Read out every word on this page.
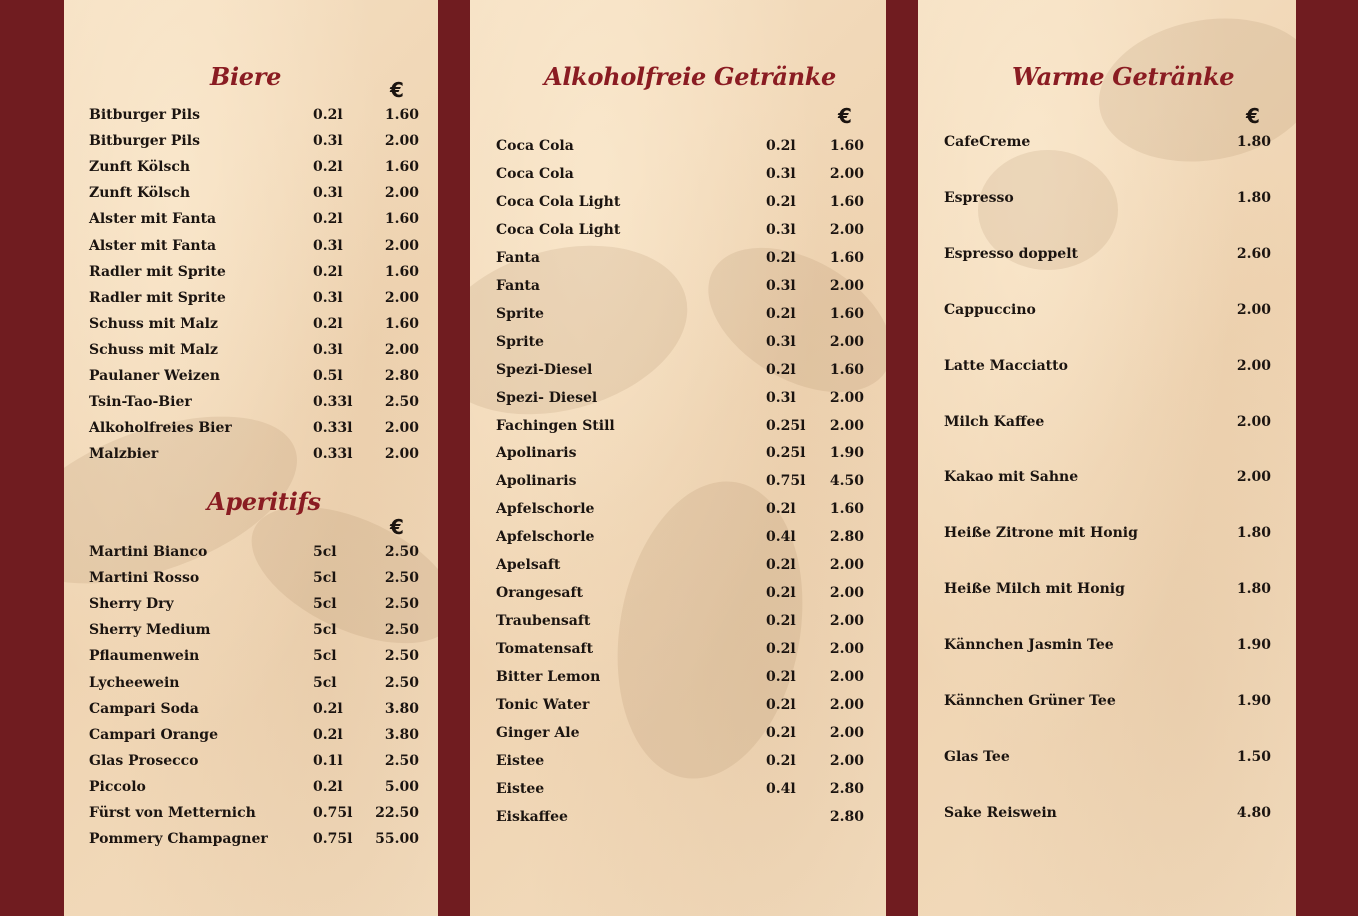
Biere	€
Bitburger Pils	0.2l	1.60
Bitburger Pils	0.3l	2.00
Zunft Kölsch	0.2l	1.60
Zunft Kölsch	0.3l	2.00
Alster mit Fanta	0.2l	1.60
Alster mit Fanta	0.3l	2.00
Radler mit Sprite	0.2l	1.60
Radler mit Sprite	0.3l	2.00
Schuss mit Malz	0.2l	1.60
Schuss mit Malz	0.3l	2.00
Paulaner Weizen	0.5l	2.80
Tsin-Tao-Bier	0.33l	2.50
Alkoholfreies Bier	0.33l	2.00
Malzbier	0.33l	2.00
Aperitifs
€
Martini Bianco	5cl	2.50
Martini Rosso	5cl	2.50
Sherry Dry	5cl	2.50
Sherry Medium	5cl	2.50
Pflaumenwein	5cl	2.50
Lycheewein	5cl	2.50
Campari Soda	0.2l	3.80
Campari Orange	0.2l	3.80
Glas Prosecco	0.1l	2.50
Piccolo	0.2l	5.00
Fürst von Metternich	0.75l	22.50
Pommery Champagner	0.75l	55.00
Alkoholfreie Getränke
€
Coca Cola	0.2l	1.60
Coca Cola	0.3l	2.00
Coca Cola Light	0.2l	1.60
Coca Cola Light	0.3l	2.00
Fanta	0.2l	1.60
Fanta	0.3l	2.00
Sprite	0.2l	1.60
Sprite	0.3l	2.00
Spezi-Diesel	0.2l	1.60
Spezi- Diesel	0.3l	2.00
Fachingen Still	0.25l	2.00
Apolinaris	0.25l	1.90
Apolinaris	0.75l	4.50
Apfelschorle	0.2l	1.60
Apfelschorle	0.4l	2.80
Apelsaft	0.2l	2.00
Orangesaft	0.2l	2.00
Traubensaft	0.2l	2.00
Tomatensaft	0.2l	2.00
Bitter Lemon	0.2l	2.00
Tonic Water	0.2l	2.00
Ginger Ale	0.2l	2.00
Eistee	0.2l	2.00
Eistee	0.4l	2.80
Eiskaffee	2.80
Warme Getränke
€
CafeCreme	1.80
Espresso	1.80
Espresso doppelt	2.60
Cappuccino	2.00
Latte Macciatto	2.00
Milch Kaffee	2.00
Kakao mit Sahne	2.00
Heiße Zitrone mit Honig	1.80
Heiße Milch mit Honig	1.80
Kännchen Jasmin Tee	1.90
Kännchen Grüner Tee	1.90
Glas Tee	1.50
Sake Reiswein	4.80
